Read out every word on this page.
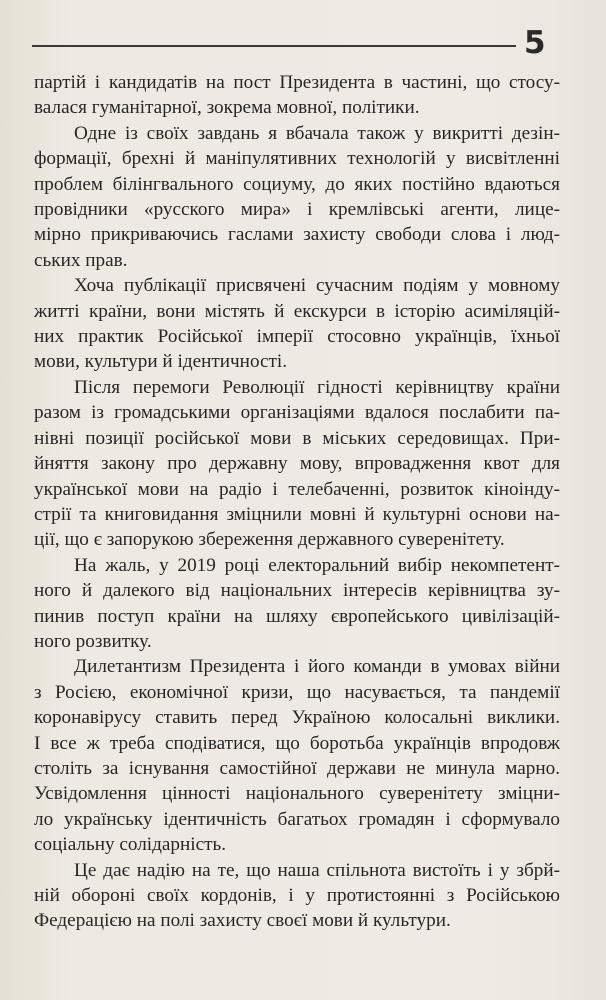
5

партій і кандидатів на пост Президента в частині, що стосу-
валася гуманітарної, зокрема мовної, політики.

Одне із своїх завдань я вбачала також у викритті дезін-
формації, брехні й маніпулятивних технологій у висвітленні
проблем білінгвального социуму, до яких постійно вдаються
провідники «русского мира» і кремлівські агенти, лице-
мірно прикриваючись гаслами захисту свободи слова і люд-
ських прав.

Хоча публікації присвячені сучасним подіям у мовному
житті країни, вони містять й екскурси в історію асиміляцій-
них практик Російської імперії стосовно українців, їхньої
мови, культури й ідентичності.

Після перемоги Революції гідності керівництву країни
разом із громадськими організаціями вдалося послабити па-
нівні позиції російської мови в міських середовищах. При-
йняття закону про державну мову, впровадження квот для
української мови на радіо і телебаченні, розвиток кіноінду-
стрії та книговидання зміцнили мовні й культурні основи на-
ції, що є запорукою збереження державного суверенітету.

На жаль, у 2019 році електоральний вибір некомпетент-
ного й далекого від національних інтересів керівництва зу-
пинив поступ країни на шляху європейського цивілізацій-
ного розвитку.

Дилетантизм Президента і його команди в умовах війни
з Росією, економічної кризи, що насувається, та пандемії
коронавірусу ставить перед Україною колосальні виклики.
І все ж треба сподіватися, що боротьба українців впродовж
століть за існування самостійної держави не минула марно.
Усвідомлення цінності національного суверенітету зміцни-
ло українську ідентичність багатьох громадян і сформувало
соціальну солідарність.

Це дає надію на те, що наша спільнота вистоїть і у збрй-
ній обороні своїх кордонів, і у протистоянні з Російською
Федерацією на полі захисту своєї мови й культури.
